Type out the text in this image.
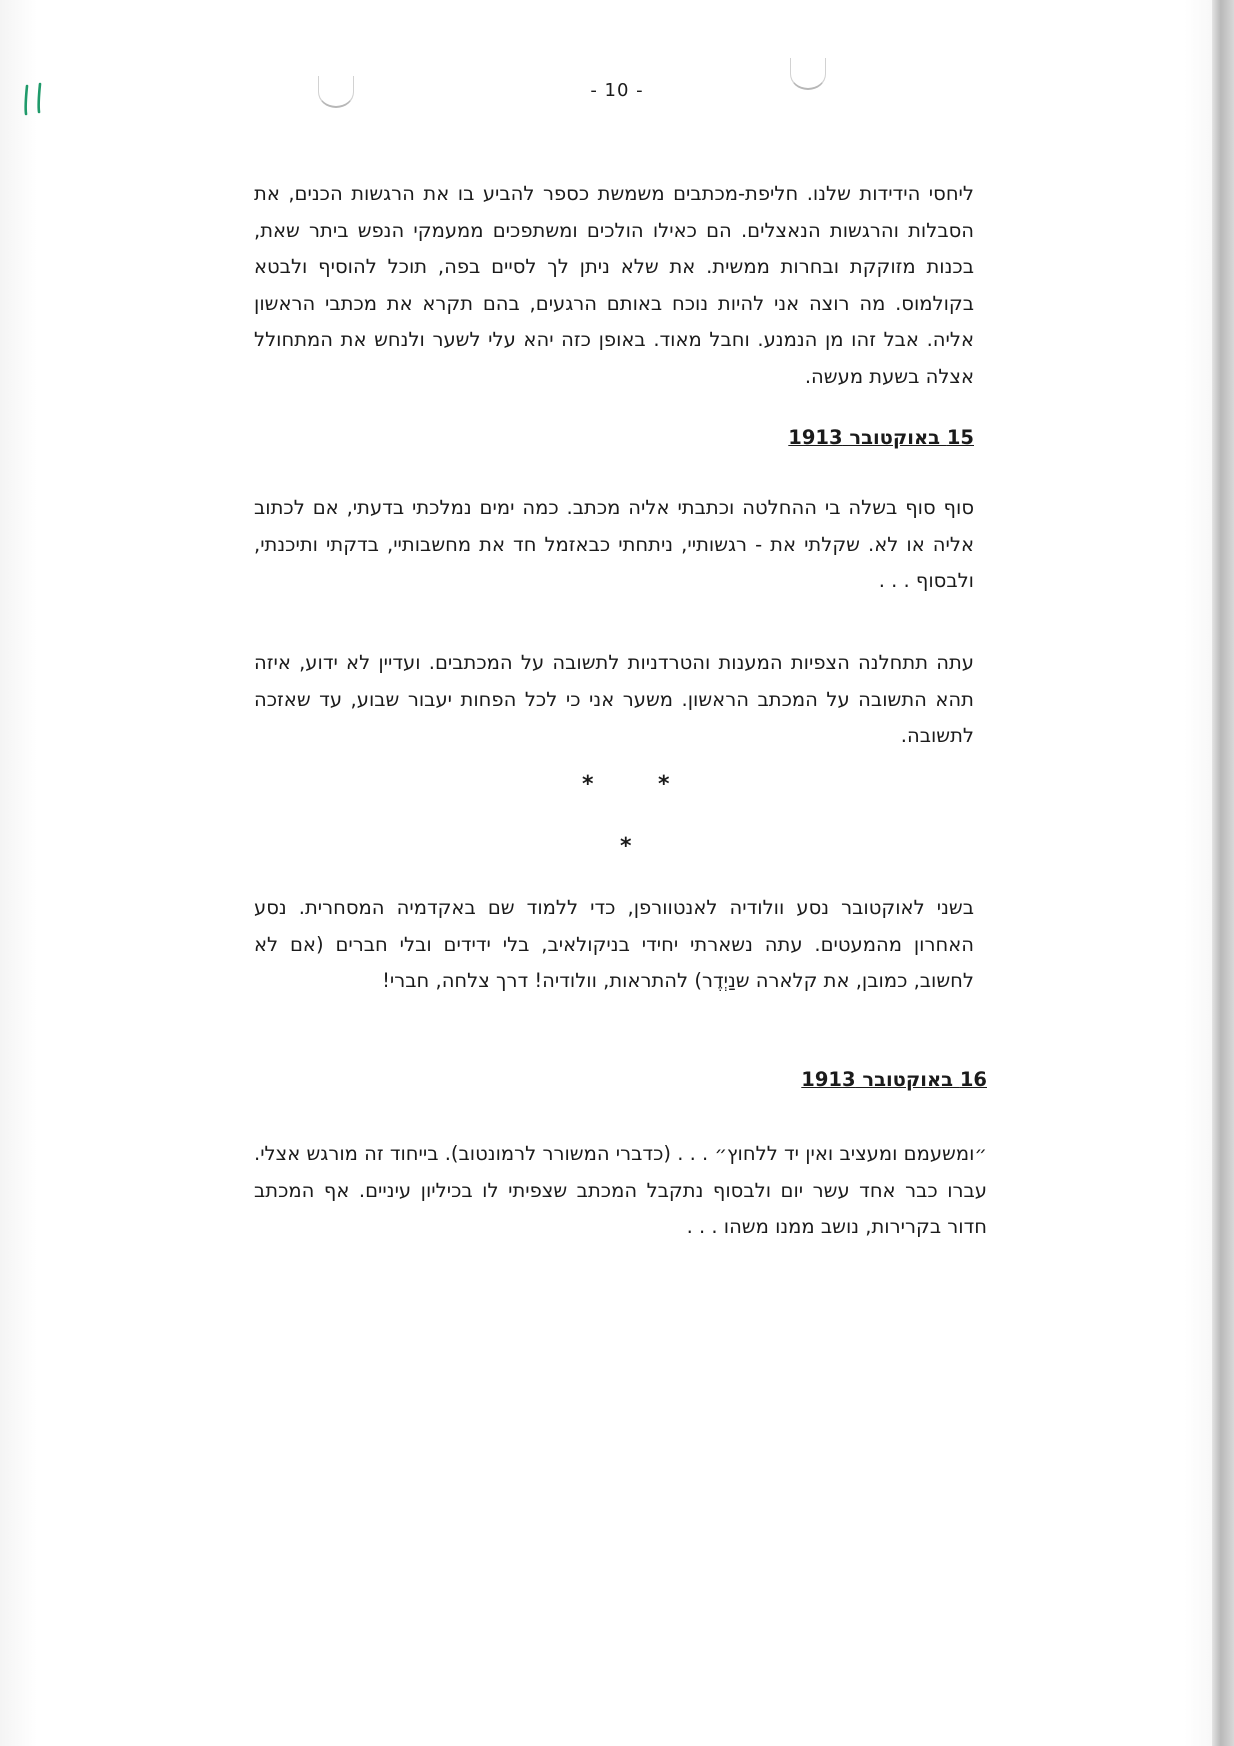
- 10 -

ליחסי הידידות שלנו. חליפת-מכתבים משמשת כספר להביע בו את הרגשות הכנים, את הסבלות והרגשות הנאצלים. הם כאילו הולכים ומשתפכים ממעמקי הנפש ביתר שאת, בכנות מזוקקת ובחרות ממשית. את שלא ניתן לך לסיים בפה, תוכל להוסיף ולבטא בקולמוס. מה רוצה אני להיות נוכח באותם הרגעים, בהם תקרא את מכתבי הראשון אליה. אבל זהו מן הנמנע. וחבל מאוד. באופן כזה יהא עלי לשער ולנחש את המתחולל אצלה בשעת מעשה.

15 באוקטובר 1913

סוף סוף בשלה בי ההחלטה וכתבתי אליה מכתב. כמה ימים נמלכתי בדעתי, אם לכתוב אליה או לא. שקלתי את - רגשותיי, ניתחתי כבאזמל חד את מחשבותיי, בדקתי ותיכנתי, ולבסוף . . .

עתה תתחלנה הצפיות המענות והטרדניות לתשובה על המכתבים. ועדיין לא ידוע, איזה תהא התשובה על המכתב הראשון. משער אני כי לכל הפחות יעבור שבוע, עד שאזכה לתשובה.

*	*
*

בשני לאוקטובר נסע וולודיה לאנטוורפן, כדי ללמוד שם באקדמיה המסחרית. נסע האחרון מהמעטים. עתה נשארתי יחידי בניקולאיב, בלי ידידים ובלי חברים (אם לא לחשוב, כמובן, את קלארה שנַיְדֶר) להתראות, וולודיה! דרך צלחה, חברי!

16 באוקטובר 1913

״ומשעמם ומעציב ואין יד ללחוץ״ . . . (כדברי המשורר לרמונטוב). בייחוד זה מורגש אצלי. עברו כבר אחד עשר יום ולבסוף נתקבל המכתב שצפיתי לו בכיליון עיניים. אף המכתב חדור בקרירות, נושב ממנו משהו . . .
